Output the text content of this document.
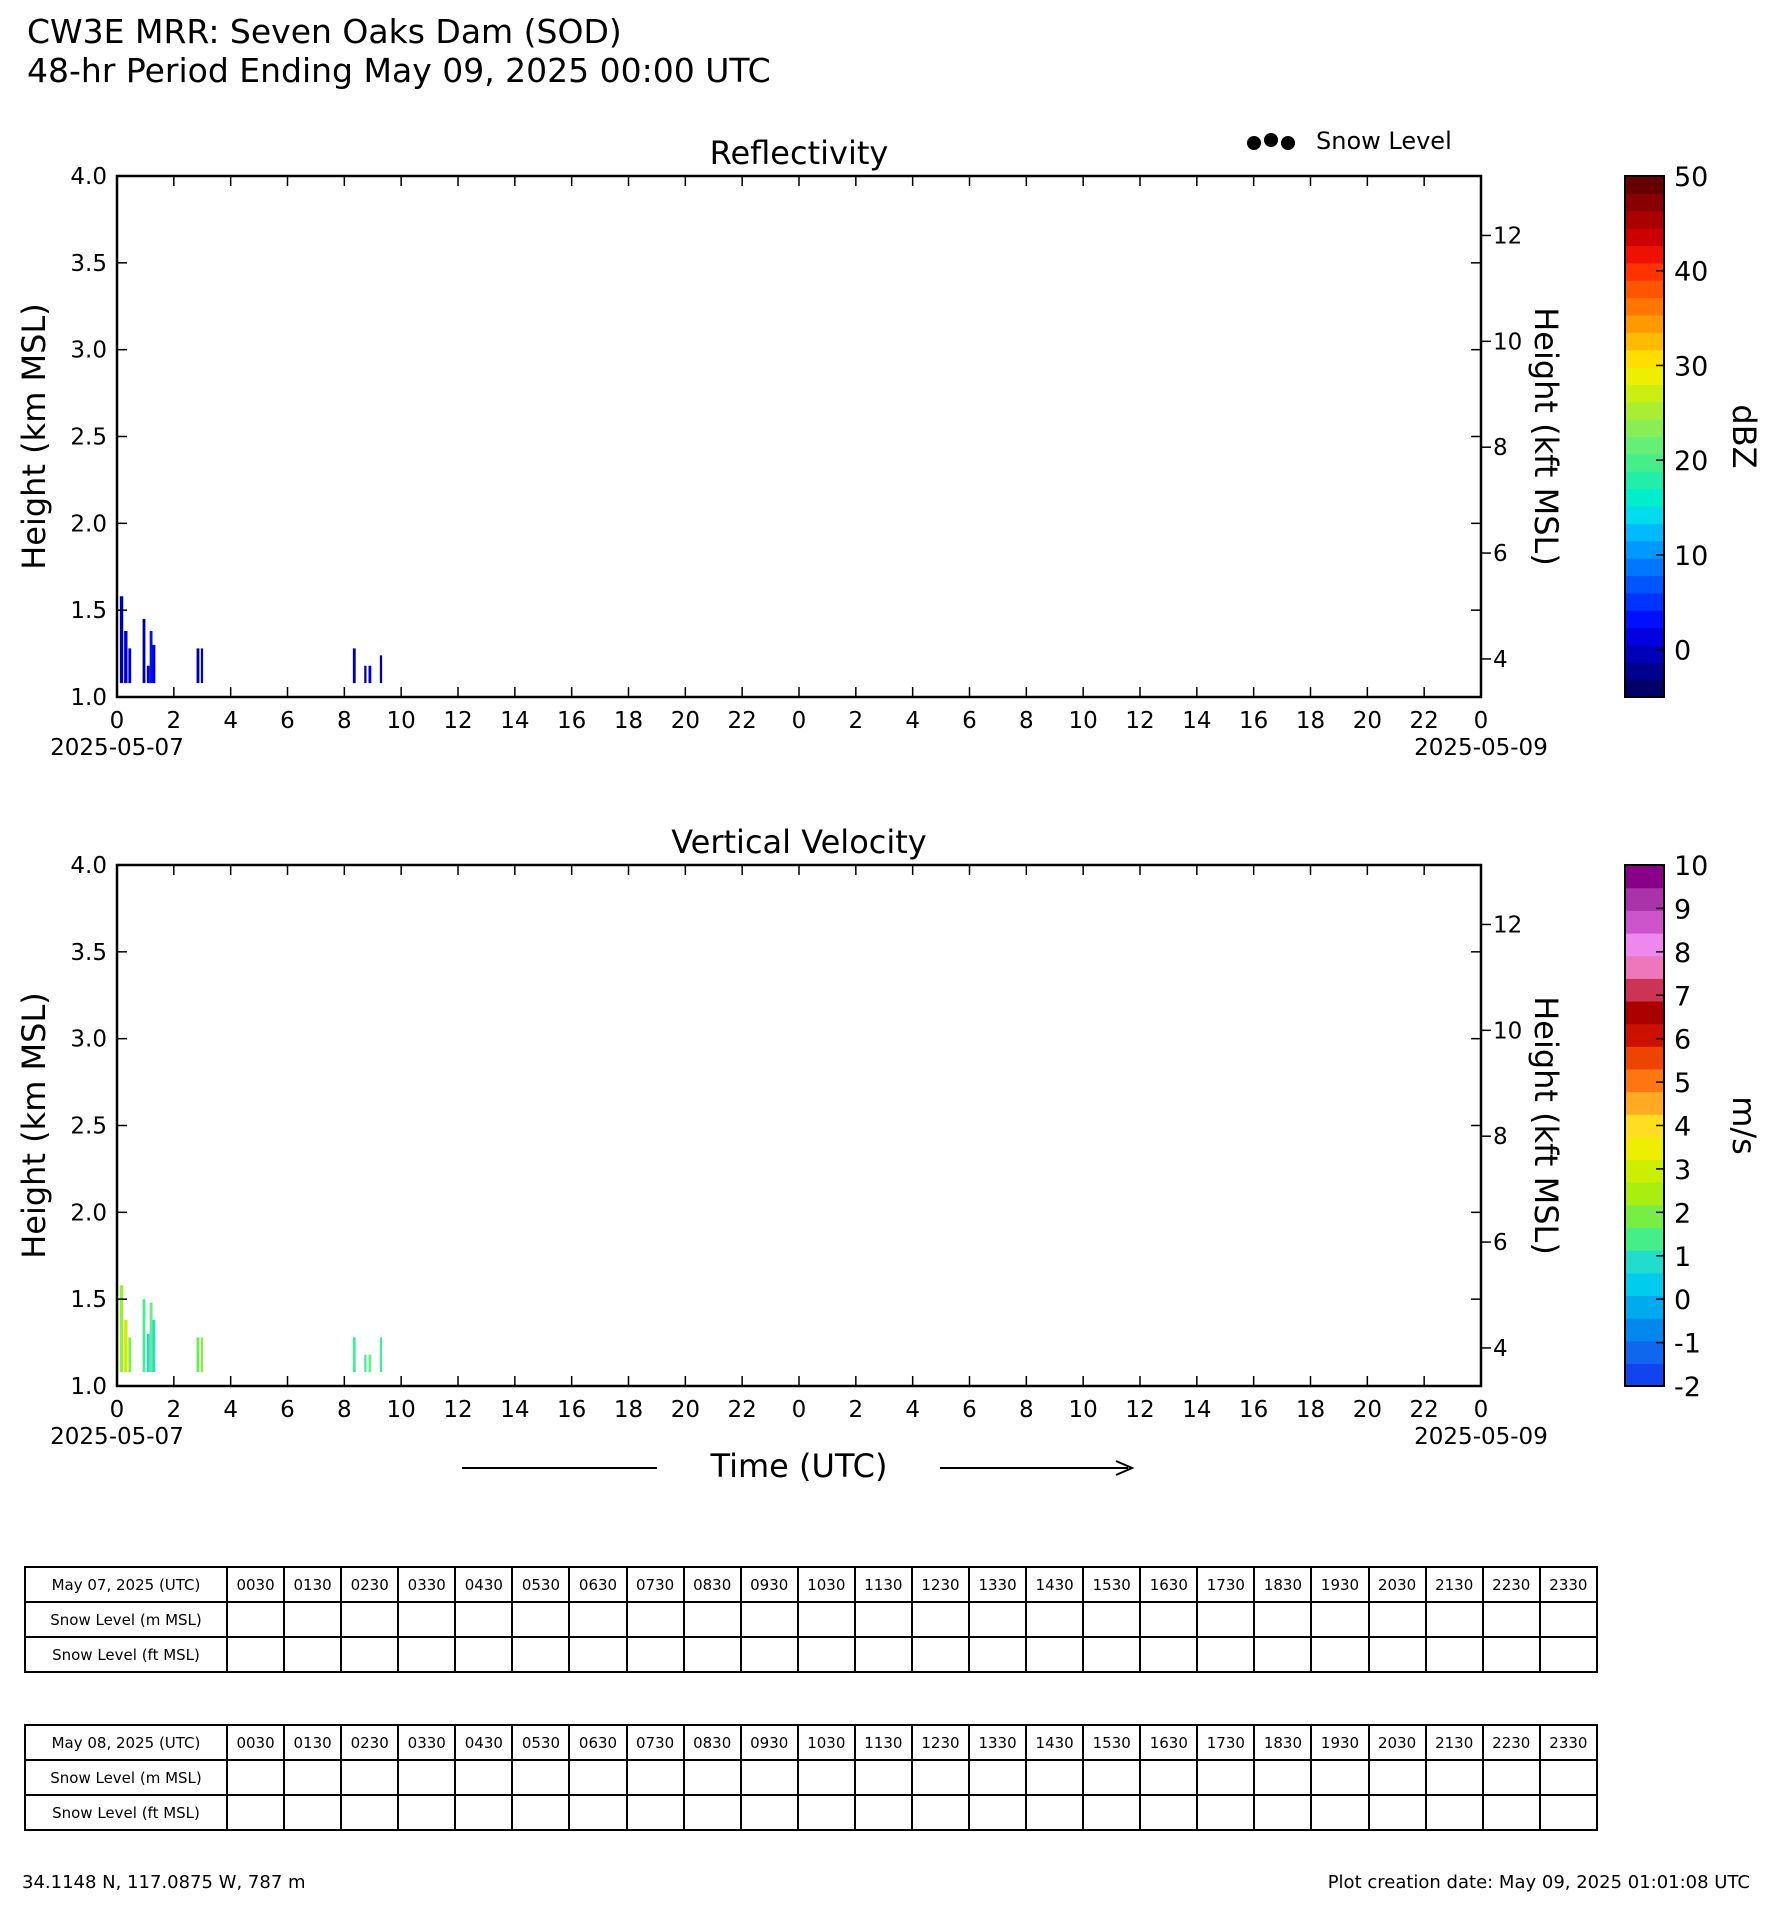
CW3E MRR: Seven Oaks Dam (SOD)
48-hr Period Ending May 09, 2025 00:00 UTC
Reflectivity
1.0
1.5
2.0
2.5
3.0
3.5
4.0
4
6
8
10
12
0 2 4 6 8 10 12 14 16 18 20 22 0 2 4 6 8 10 12 14 16 18 20 22 0
2025-05-07	2025-05-09
Height (km MSL)	Height (kft MSL)
0
10
20
30
40
50
dBZ
Vertical Velocity
1.0
1.5
2.0
2.5
3.0
3.5
4.0
4
6
8
10
12
0 2 4 6 8 10 12 14 16 18 20 22 0 2 4 6 8 10 12 14 16 18 20 22 0
2025-05-07	2025-05-09
Height (km MSL)	Height (kft MSL)
-2
-1
0
1
2
3
4
5
6
7
8
9
10
m/s
Snow Level
Time (UTC)
May 07, 2025 (UTC)	0030	0130	0230	0330	0430	0530	0630	0730	0830	0930	1030	1130	1230	1330	1430	1530	1630	1730	1830	1930	2030	2130	2230	2330
Snow Level (m MSL)																								
Snow Level (ft MSL)																								
May 08, 2025 (UTC)	0030	0130	0230	0330	0430	0530	0630	0730	0830	0930	1030	1130	1230	1330	1430	1530	1630	1730	1830	1930	2030	2130	2230	2330
Snow Level (m MSL)																								
Snow Level (ft MSL)																								
34.1148 N, 117.0875 W, 787 m	Plot creation date: May 09, 2025 01:01:08 UTC
